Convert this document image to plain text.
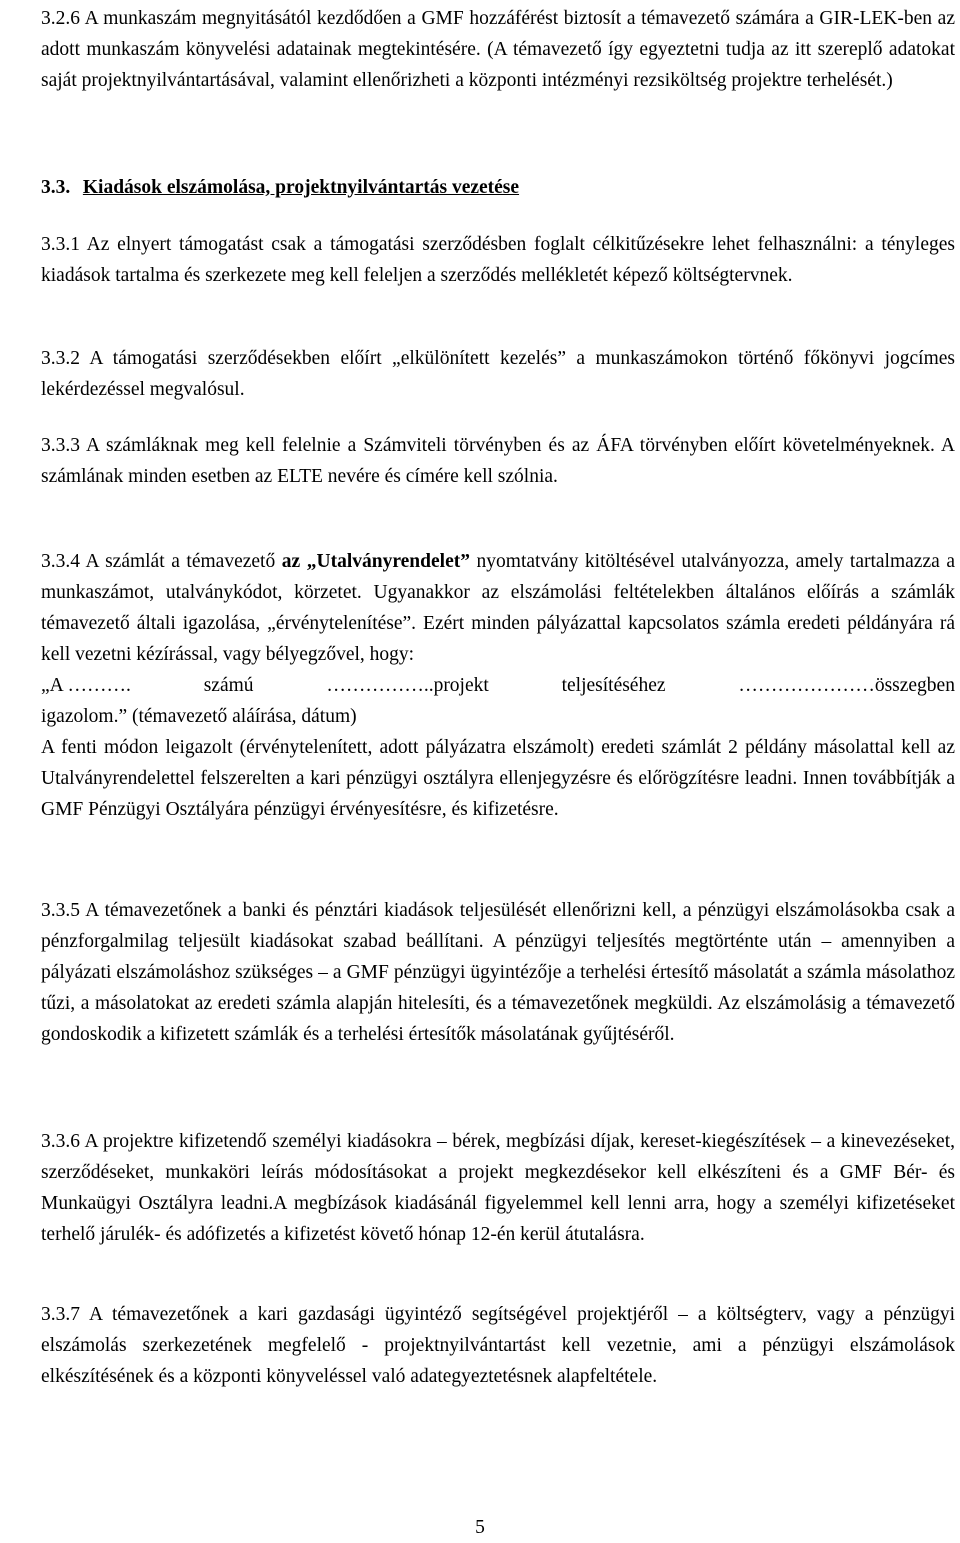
3.2.6 A munkaszám megnyitásától kezdődően a GMF hozzáférést biztosít a témavezető számára a GIR-LEK-ben az adott munkaszám könyvelési adatainak megtekintésére. (A témavezető így egyeztetni tudja az itt szereplő adatokat saját projektnyilvántartásával, valamint ellenőrizheti a központi intézményi rezsiköltség projektre terhelését.)

3.3. Kiadások elszámolása, projektnyilvántartás vezetése

3.3.1 Az elnyert támogatást csak a támogatási szerződésben foglalt célkitűzésekre lehet felhasználni: a tényleges kiadások tartalma és szerkezete meg kell feleljen a szerződés mellékletét képező költségtervnek.

3.3.2 A támogatási szerződésekben előírt „elkülönített kezelés” a munkaszámokon történő főkönyvi jogcímes lekérdezéssel megvalósul.

3.3.3 A számláknak meg kell felelnie a Számviteli törvényben és az ÁFA törvényben előírt követelményeknek. A számlának minden esetben az ELTE nevére és címére kell szólnia.

3.3.4 A számlát a témavezető az „Utalványrendelet” nyomtatvány kitöltésével utalványozza, amely tartalmazza a munkaszámot, utalványkódot, körzetet. Ugyanakkor az elszámolási feltételekben általános előírás a számlák témavezető általi igazolása, „érvénytelenítése”. Ezért minden pályázattal kapcsolatos számla eredeti példányára rá kell vezetni kézírással, vagy bélyegzővel, hogy:
„A ……….	számú	……………..projekt	teljesítéséhez	…………………összegben
igazolom.” (témavezető aláírása, dátum)
A fenti módon leigazolt (érvénytelenített, adott pályázatra elszámolt) eredeti számlát 2 példány másolattal kell az Utalványrendelettel felszerelten a kari pénzügyi osztályra ellenjegyzésre és előrögzítésre leadni. Innen továbbítják a GMF Pénzügyi Osztályára pénzügyi érvényesítésre, és kifizetésre.

3.3.5 A témavezetőnek a banki és pénztári kiadások teljesülését ellenőrizni kell, a pénzügyi elszámolásokba csak a pénzforgalmilag teljesült kiadásokat szabad beállítani. A pénzügyi teljesítés megtörténte után – amennyiben a pályázati elszámoláshoz szükséges – a GMF pénzügyi ügyintézője a terhelési értesítő másolatát a számla másolathoz tűzi, a másolatokat az eredeti számla alapján hitelesíti, és a témavezetőnek megküldi. Az elszámolásig a témavezető gondoskodik a kifizetett számlák és a terhelési értesítők másolatának gyűjtéséről.

3.3.6 A projektre kifizetendő személyi kiadásokra – bérek, megbízási díjak, kereset-kiegészítések – a kinevezéseket, szerződéseket, munkaköri leírás módosításokat a projekt megkezdésekor kell elkészíteni és a GMF Bér- és Munkaügyi Osztályra leadni.A megbízások kiadásánál figyelemmel kell lenni arra, hogy a személyi kifizetéseket terhelő járulék- és adófizetés a kifizetést követő hónap 12-én kerül átutalásra.

3.3.7 A témavezetőnek a kari gazdasági ügyintéző segítségével projektjéről – a költségterv, vagy a pénzügyi elszámolás szerkezetének megfelelő - projektnyilvántartást kell vezetnie, ami a pénzügyi elszámolások elkészítésének és a központi könyveléssel való adategyeztetésnek alapfeltétele.

5
